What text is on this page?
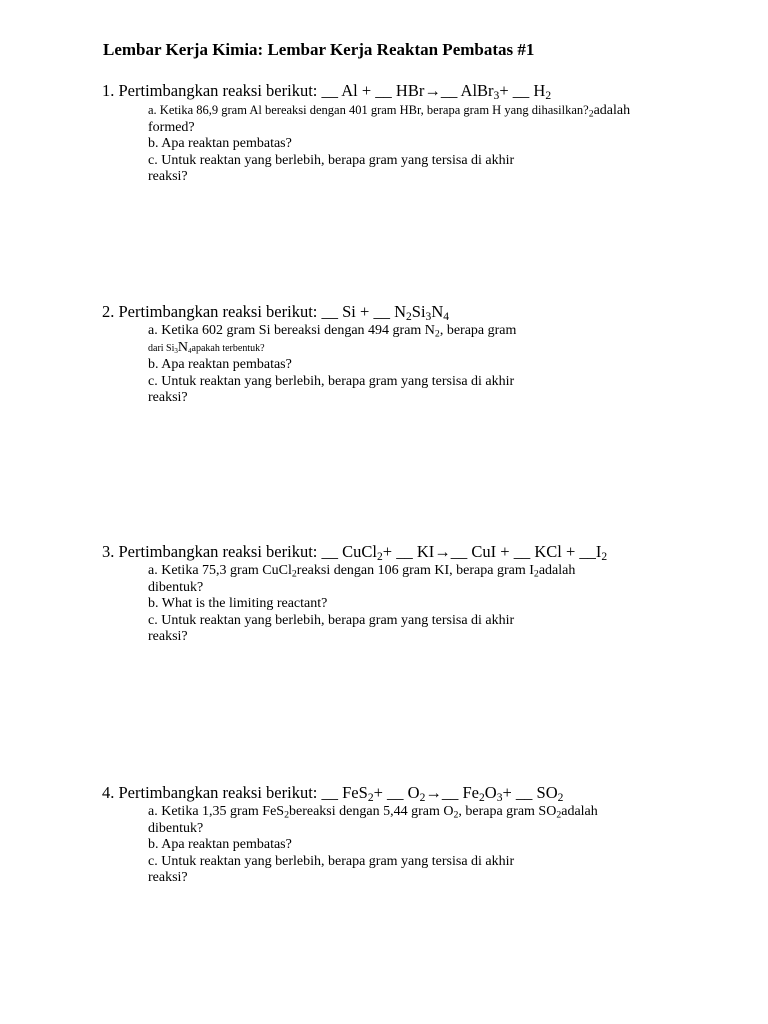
Lembar Kerja Kimia: Lembar Kerja Reaktan Pembatas #1

1. Pertimbangkan reaksi berikut: __ Al + __ HBr→__ AlBr$_3$+ __ $H_2$

a. Ketika 86,9 gram Al bereaksi dengan 401 gram HBr, berapa gram H yang $dihasilkan?_2adalah$

formed?

b. Apa reaktan pembatas?

c. Untuk reaktan yang berlebih, berapa gram yang tersisa di akhir

reaksi?

2. Pertimbangkan reaksi berikut: __ Si + __ $N_2Si_3N_4$

a. Ketika 602 gram Si bereaksi dengan 494 gram $N_2$, berapa gram

dari $Si_3N_4apakah$ terbentuk?

b. Apa reaktan pembatas?

c. Untuk reaktan yang berlebih, berapa gram yang tersisa di akhir

reaksi?

3. Pertimbangkan reaksi berikut: __ CuCl$_2$+ __ KI→__ CuI + __ KCl + $\_\_I_2$

a. Ketika 75,3 gram CuCl$_2$reaksi dengan 106 gram KI, berapa gram $I_2adalah$

dibentuk?

b. What is the limiting reactant?

c. Untuk reaktan yang berlebih, berapa gram yang tersisa di akhir

reaksi?

4. Pertimbangkan reaksi berikut: __ FeS$_2$+ __ $O_2\to\_\_$ $Fe_2O_3+$ __ $SO_2$

a. Ketika 1,35 gram FeS$_2$bereaksi dengan 5,44 gram $O_2$, berapa gram $SO_2adalah$

dibentuk?

b. Apa reaktan pembatas?

c. Untuk reaktan yang berlebih, berapa gram yang tersisa di akhir

reaksi?
